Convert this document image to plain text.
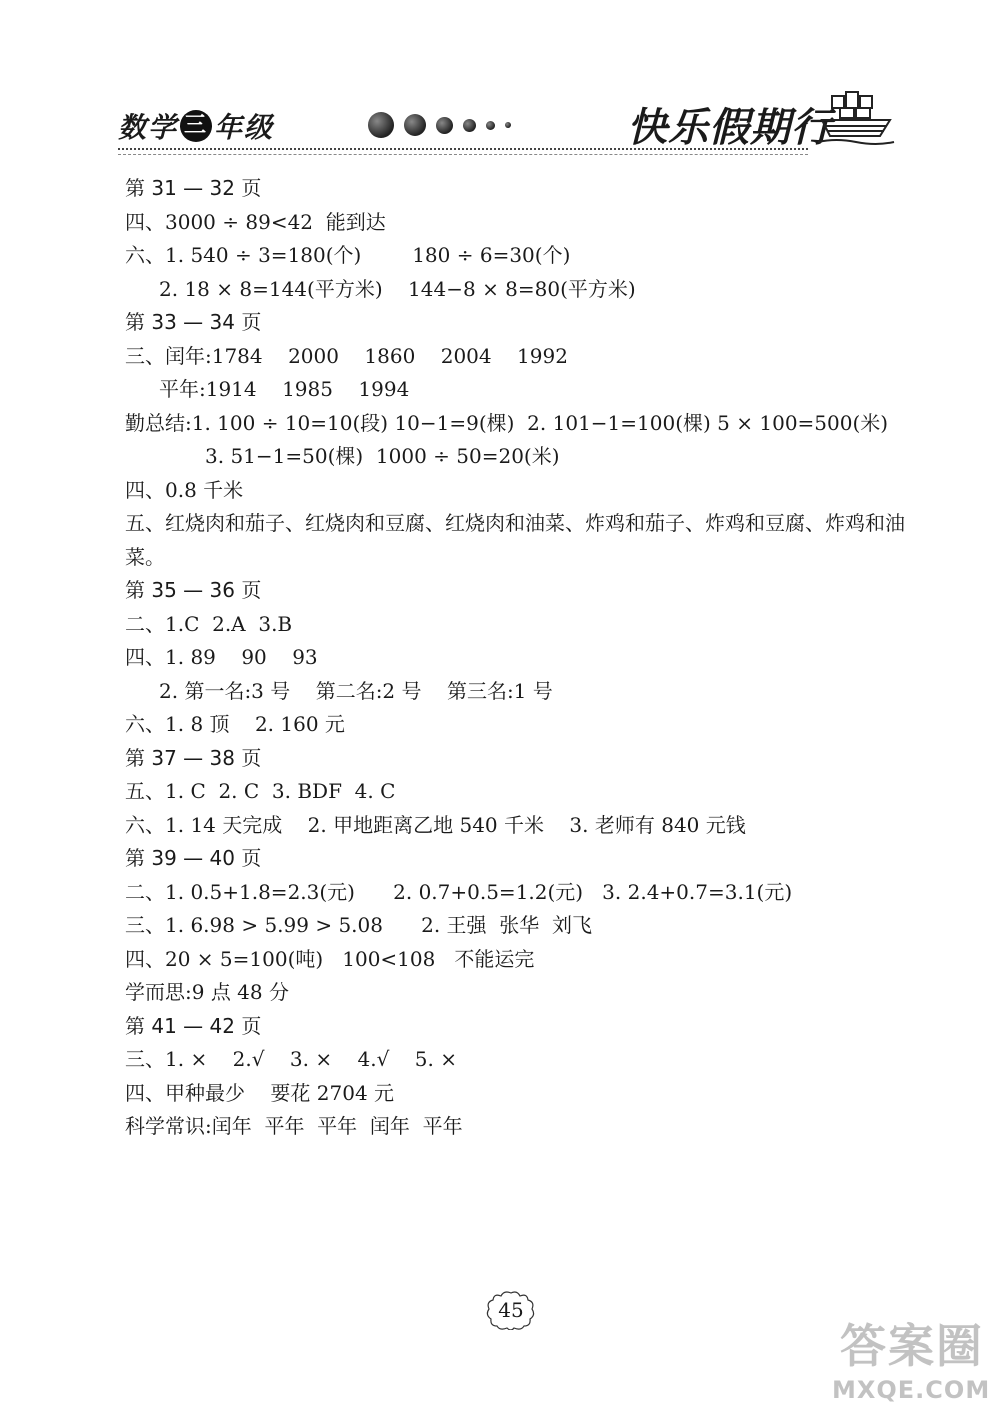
数学 三 年级	快乐假期行
第 31 — 32 页
四、3000 ÷ 89<42  能到达
六、1. 540 ÷ 3=180(个)        180 ÷ 6=30(个)
2. 18 × 8=144(平方米)    144−8 × 8=80(平方米)
第 33 — 34 页
三、闰年:1784    2000    1860    2004    1992
平年:1914    1985    1994
勤总结:1. 100 ÷ 10=10(段) 10−1=9(棵)  2. 101−1=100(棵) 5 × 100=500(米)
3. 51−1=50(棵)  1000 ÷ 50=20(米)
四、0.8 千米
五、红烧肉和茄子、红烧肉和豆腐、红烧肉和油菜、炸鸡和茄子、炸鸡和豆腐、炸鸡和油菜。
第 35 — 36 页
二、1.C  2.A  3.B
四、1. 89    90    93
2. 第一名:3 号    第二名:2 号    第三名:1 号
六、1. 8 顶    2. 160 元
第 37 — 38 页
五、1. C  2. C  3. BDF  4. C
六、1. 14 天完成    2. 甲地距离乙地 540 千米    3. 老师有 840 元钱
第 39 — 40 页
二、1. 0.5+1.8=2.3(元)      2. 0.7+0.5=1.2(元)   3. 2.4+0.7=3.1(元)
三、1. 6.98 > 5.99 > 5.08      2. 王强  张华  刘飞
四、20 × 5=100(吨)   100<108   不能运完
学而思:9 点 48 分
第 41 — 42 页
三、1. ×    2.√    3. ×    4.√    5. ×
四、甲种最少    要花 2704 元
科学常识:闰年  平年  平年  闰年  平年
45
答案圈
MXQE.COM
